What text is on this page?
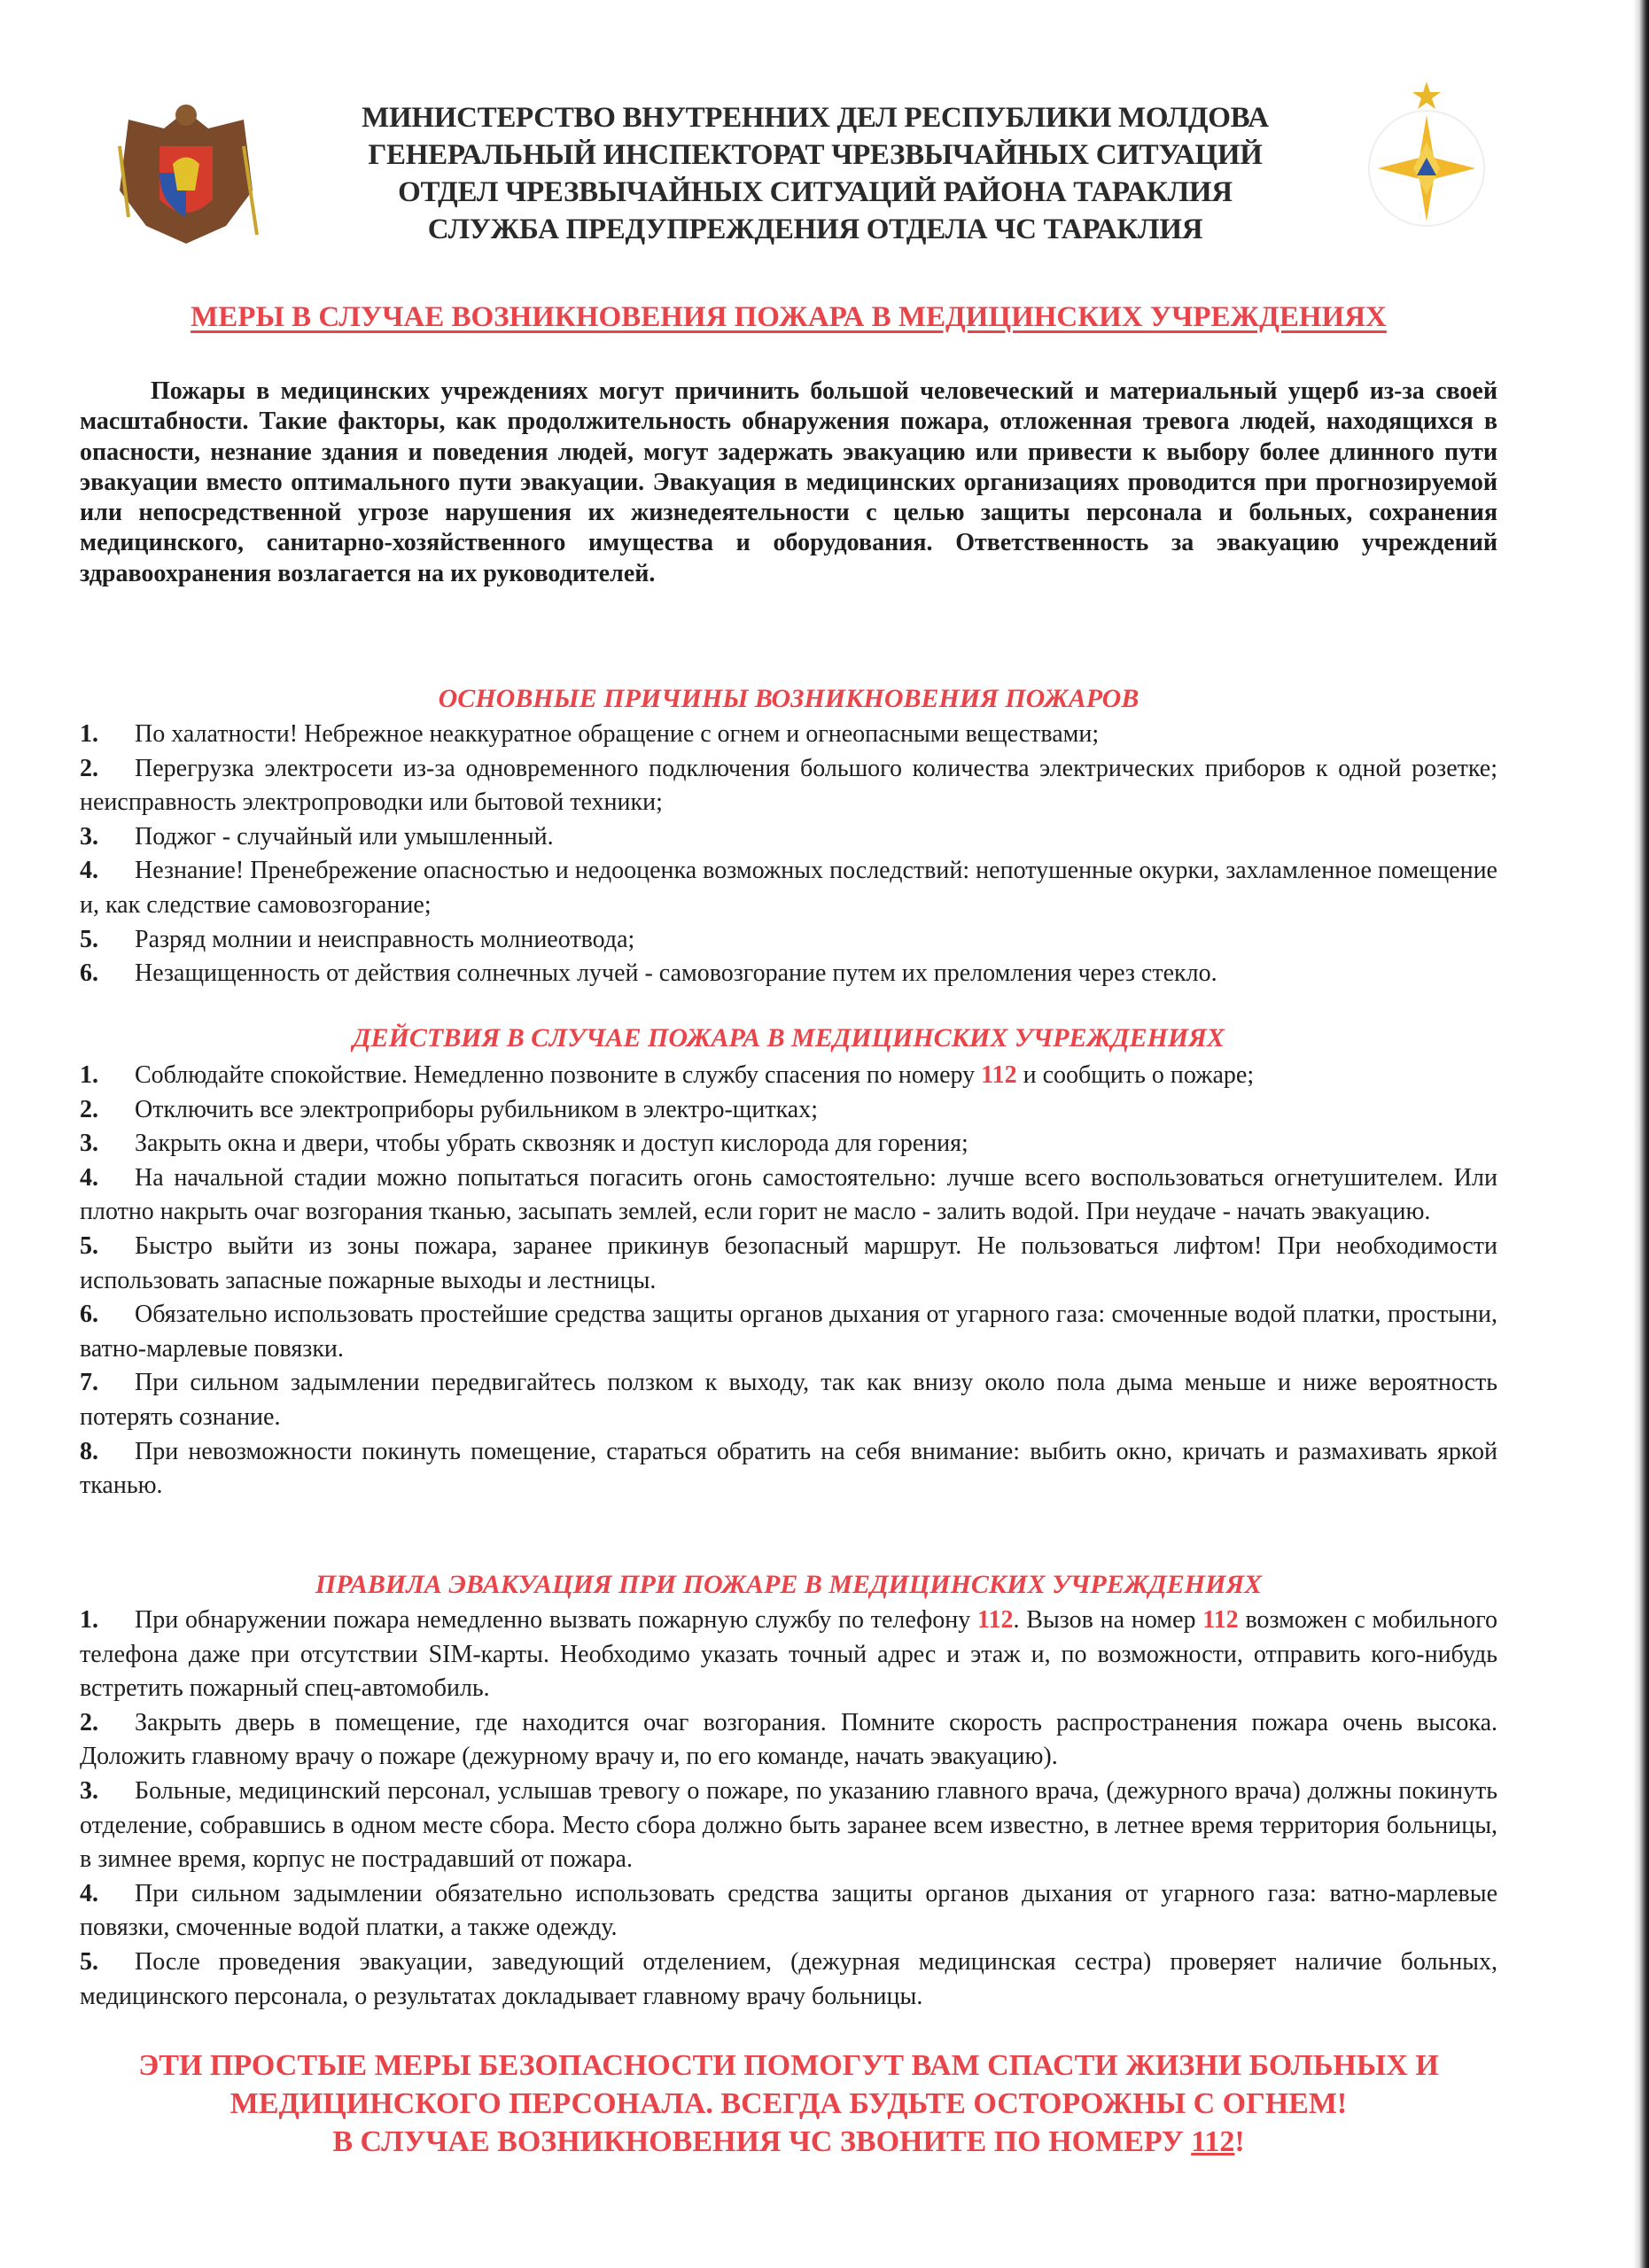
МИНИСТЕРСТВО ВНУТРЕННИХ ДЕЛ РЕСПУБЛИКИ МОЛДОВА
ГЕНЕРАЛЬНЫЙ ИНСПЕКТОРАТ ЧРЕЗВЫЧАЙНЫХ СИТУАЦИЙ
ОТДЕЛ ЧРЕЗВЫЧАЙНЫХ СИТУАЦИЙ РАЙОНА ТАРАКЛИЯ
СЛУЖБА ПРЕДУПРЕЖДЕНИЯ ОТДЕЛА ЧС ТАРАКЛИЯ
МЕРЫ В СЛУЧАЕ ВОЗНИКНОВЕНИЯ ПОЖАРА В МЕДИЦИНСКИХ УЧРЕЖДЕНИЯХ
Пожары в медицинских учреждениях могут причинить большой человеческий и материальный ущерб из-за своей масштабности. Такие факторы, как продолжительность обнаружения пожара, отложенная тревога людей, находящихся в опасности, незнание здания и поведения людей, могут задержать эвакуацию или привести к выбору более длинного пути эвакуации вместо оптимального пути эвакуации. Эвакуация в медицинских организациях проводится при прогнозируемой или непосредственной угрозе нарушения их жизнедеятельности с целью защиты персонала и больных, сохранения медицинского, санитарно-хозяйственного имущества и оборудования. Ответственность за эвакуацию учреждений здравоохранения возлагается на их руководителей.
ОСНОВНЫЕ ПРИЧИНЫ ВОЗНИКНОВЕНИЯ ПОЖАРОВ
1. По халатности! Небрежное неаккуратное обращение с огнем и огнеопасными веществами;
2. Перегрузка электросети из-за одновременного подключения большого количества электрических приборов к одной розетке; неисправность электропроводки или бытовой техники;
3. Поджог - случайный или умышленный.
4. Незнание! Пренебрежение опасностью и недооценка возможных последствий: непотушенные окурки, захламленное помещение и, как следствие самовозгорание;
5. Разряд молнии и неисправность молниеотвода;
6. Незащищенность от действия солнечных лучей - самовозгорание путем их преломления через стекло.
ДЕЙСТВИЯ В СЛУЧАЕ ПОЖАРА В МЕДИЦИНСКИХ УЧРЕЖДЕНИЯХ
1. Соблюдайте спокойствие. Немедленно позвоните в службу спасения по номеру 112 и сообщить о пожаре;
2. Отключить все электроприборы рубильником в электро-щитках;
3. Закрыть окна и двери, чтобы убрать сквозняк и доступ кислорода для горения;
4. На начальной стадии можно попытаться погасить огонь самостоятельно: лучше всего воспользоваться огнетушителем. Или плотно накрыть очаг возгорания тканью, засыпать землей, если горит не масло - залить водой. При неудаче - начать эвакуацию.
5. Быстро выйти из зоны пожара, заранее прикинув безопасный маршрут. Не пользоваться лифтом! При необходимости использовать запасные пожарные выходы и лестницы.
6. Обязательно использовать простейшие средства защиты органов дыхания от угарного газа: смоченные водой платки, простыни, ватно-марлевые повязки.
7. При сильном задымлении передвигайтесь ползком к выходу, так как внизу около пола дыма меньше и ниже вероятность потерять сознание.
8. При невозможности покинуть помещение, стараться обратить на себя внимание: выбить окно, кричать и размахивать яркой тканью.
ПРАВИЛА ЭВАКУАЦИЯ ПРИ ПОЖАРЕ В МЕДИЦИНСКИХ УЧРЕЖДЕНИЯХ
1. При обнаружении пожара немедленно вызвать пожарную службу по телефону 112. Вызов на номер 112 возможен с мобильного телефона даже при отсутствии SIM-карты. Необходимо указать точный адрес и этаж и, по возможности, отправить кого-нибудь встретить пожарный спец-автомобиль.
2. Закрыть дверь в помещение, где находится очаг возгорания. Помните скорость распространения пожара очень высока. Доложить главному врачу о пожаре (дежурному врачу и, по его команде, начать эвакуацию).
3. Больные, медицинский персонал, услышав тревогу о пожаре, по указанию главного врача, (дежурного врача) должны покинуть отделение, собравшись в одном месте сбора. Место сбора должно быть заранее всем известно, в летнее время территория больницы, в зимнее время, корпус не пострадавший от пожара.
4. При сильном задымлении обязательно использовать средства защиты органов дыхания от угарного газа: ватно-марлевые повязки, смоченные водой платки, а также одежду.
5. После проведения эвакуации, заведующий отделением, (дежурная медицинская сестра) проверяет наличие больных, медицинского персонала, о результатах докладывает главному врачу больницы.
ЭТИ ПРОСТЫЕ МЕРЫ БЕЗОПАСНОСТИ ПОМОГУТ ВАМ СПАСТИ ЖИЗНИ БОЛЬНЫХ И
МЕДИЦИНСКОГО ПЕРСОНАЛА. ВСЕГДА БУДЬТЕ ОСТОРОЖНЫ С ОГНЕМ!
В СЛУЧАЕ ВОЗНИКНОВЕНИЯ ЧС ЗВОНИТЕ ПО НОМЕРУ 112!
